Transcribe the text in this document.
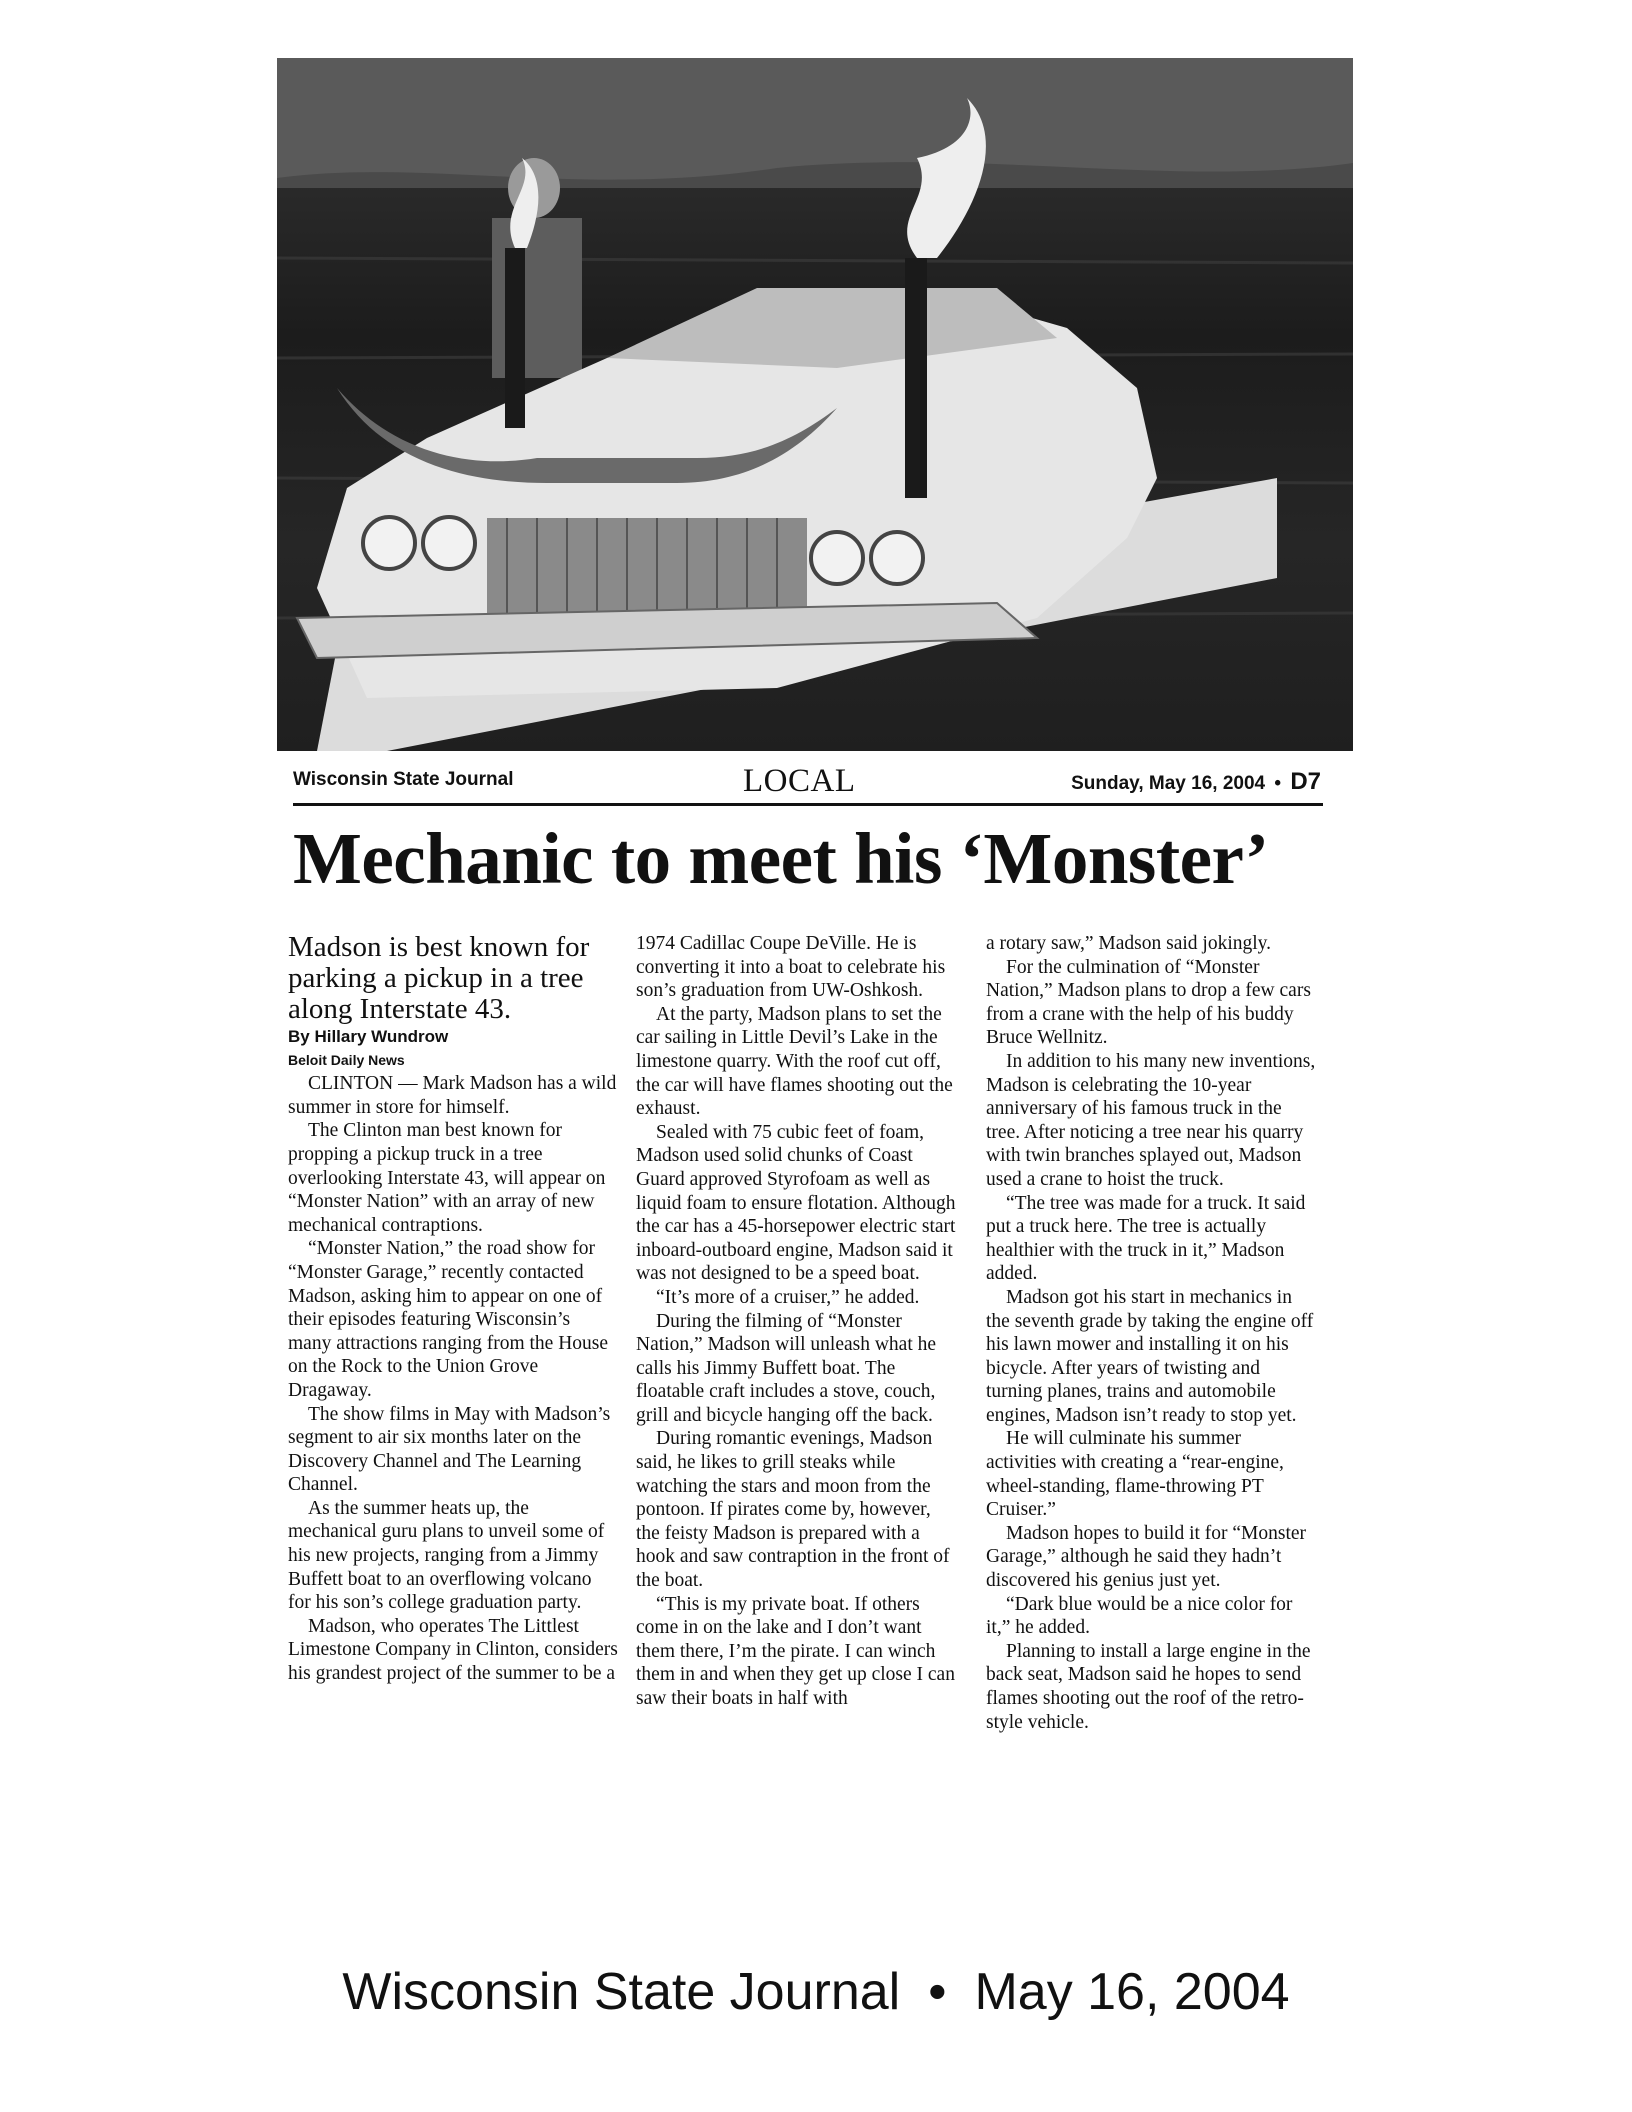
Wisconsin State Journal	LOCAL	Sunday, May 16, 2004 • D7
Mechanic to meet his ‘Monster’

Madson is best known for parking a pickup in a tree along Interstate 43.

By Hillary Wundrow

Beloit Daily News

CLINTON — Mark Madson has a wild summer in store for himself.

The Clinton man best known for propping a pickup truck in a tree overlooking Interstate 43, will appear on “Monster Nation” with an array of new mechanical contraptions.

“Monster Nation,” the road show for “Monster Garage,” recently contacted Madson, asking him to appear on one of their episodes featuring Wisconsin’s many attractions ranging from the House on the Rock to the Union Grove Dragaway.

The show films in May with Madson’s segment to air six months later on the Discovery Channel and The Learning Channel.

As the summer heats up, the mechanical guru plans to unveil some of his new projects, ranging from a Jimmy Buffett boat to an overflowing volcano for his son’s college graduation party.

Madson, who operates The Littlest Limestone Company in Clinton, considers his grandest project of the summer to be a

1974 Cadillac Coupe DeVille. He is converting it into a boat to celebrate his son’s graduation from UW-Oshkosh.

At the party, Madson plans to set the car sailing in Little Devil’s Lake in the limestone quarry. With the roof cut off, the car will have flames shooting out the exhaust.

Sealed with 75 cubic feet of foam, Madson used solid chunks of Coast Guard approved Styrofoam as well as liquid foam to ensure flotation. Although the car has a 45-horsepower electric start inboard-outboard engine, Madson said it was not designed to be a speed boat.

“It’s more of a cruiser,” he added.

During the filming of “Monster Nation,” Madson will unleash what he calls his Jimmy Buffett boat. The floatable craft includes a stove, couch, grill and bicycle hanging off the back.

During romantic evenings, Madson said, he likes to grill steaks while watching the stars and moon from the pontoon. If pirates come by, however, the feisty Madson is prepared with a hook and saw contraption in the front of the boat.

“This is my private boat. If others come in on the lake and I don’t want them there, I’m the pirate. I can winch them in and when they get up close I can saw their boats in half with

a rotary saw,” Madson said jokingly.

For the culmination of “Monster Nation,” Madson plans to drop a few cars from a crane with the help of his buddy Bruce Wellnitz.

In addition to his many new inventions, Madson is celebrating the 10-year anniversary of his famous truck in the tree. After noticing a tree near his quarry with twin branches splayed out, Madson used a crane to hoist the truck.

“The tree was made for a truck. It said put a truck here. The tree is actually healthier with the truck in it,” Madson added.

Madson got his start in mechanics in the seventh grade by taking the engine off his lawn mower and installing it on his bicycle. After years of twisting and turning planes, trains and automobile engines, Madson isn’t ready to stop yet.

He will culminate his summer activities with creating a “rear-engine, wheel-standing, flame-throwing PT Cruiser.”

Madson hopes to build it for “Monster Garage,” although he said they hadn’t discovered his genius just yet.

“Dark blue would be a nice color for it,” he added.

Planning to install a large engine in the back seat, Madson said he hopes to send flames shooting out the roof of the retro-style vehicle.

Wisconsin State Journal • May 16, 2004
